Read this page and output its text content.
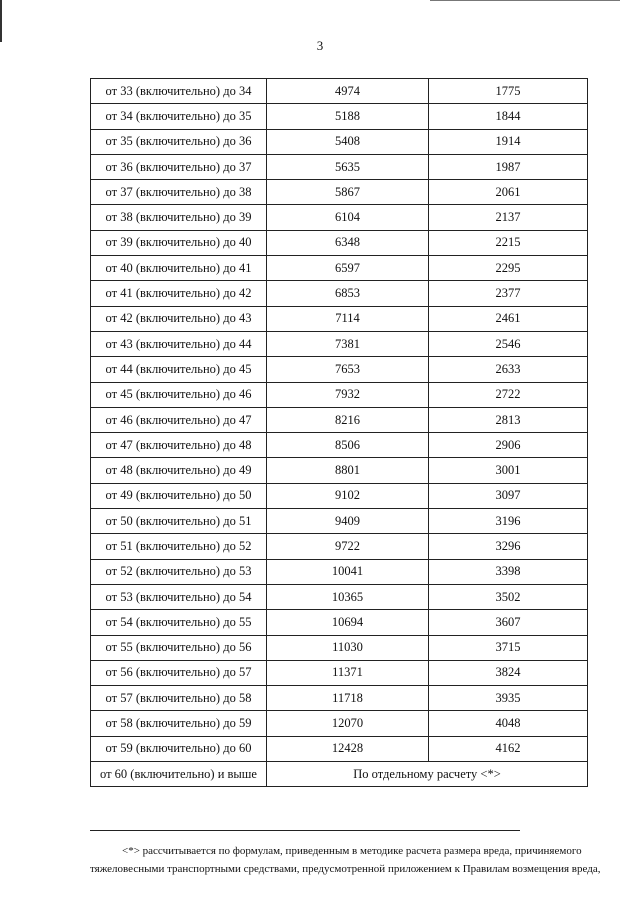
3
от 33 (включительно) до 34	4974	1775
от 34 (включительно) до 35	5188	1844
от 35 (включительно) до 36	5408	1914
от 36 (включительно) до 37	5635	1987
от 37 (включительно) до 38	5867	2061
от 38 (включительно) до 39	6104	2137
от 39 (включительно) до 40	6348	2215
от 40 (включительно) до 41	6597	2295
от 41 (включительно) до 42	6853	2377
от 42 (включительно) до 43	7114	2461
от 43 (включительно) до 44	7381	2546
от 44 (включительно) до 45	7653	2633
от 45 (включительно) до 46	7932	2722
от 46 (включительно) до 47	8216	2813
от 47 (включительно) до 48	8506	2906
от 48 (включительно) до 49	8801	3001
от 49 (включительно) до 50	9102	3097
от 50 (включительно) до 51	9409	3196
от 51 (включительно) до 52	9722	3296
от 52 (включительно) до 53	10041	3398
от 53 (включительно) до 54	10365	3502
от 54 (включительно) до 55	10694	3607
от 55 (включительно) до 56	11030	3715
от 56 (включительно) до 57	11371	3824
от 57 (включительно) до 58	11718	3935
от 58 (включительно) до 59	12070	4048
от 59 (включительно) до 60	12428	4162
от 60 (включительно) и выше	По отдельному расчету <*>	
<*> рассчитывается по формулам, приведенным в методике расчета размера вреда, причиняемого
тяжеловесными транспортными средствами, предусмотренной приложением к Правилам возмещения вреда,
